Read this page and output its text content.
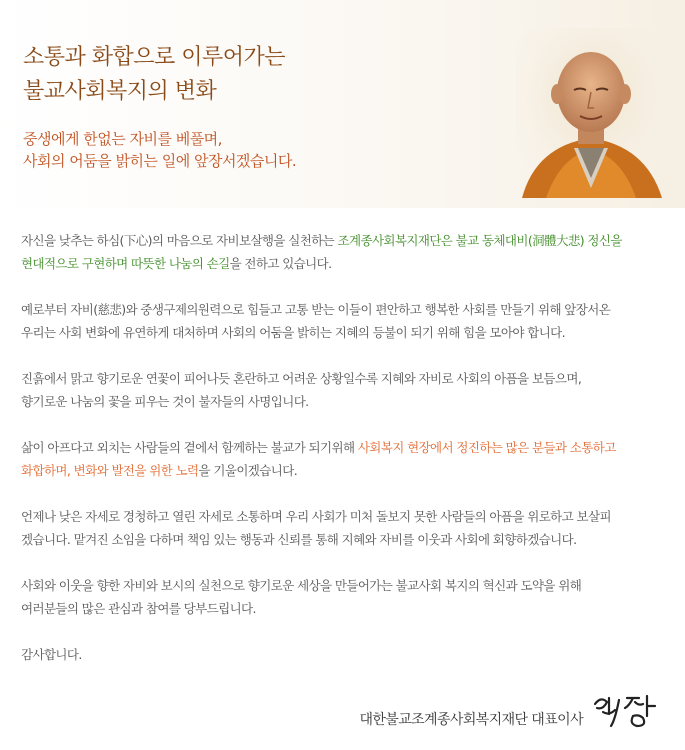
소통과 화합으로 이루어가는
불교사회복지의 변화
중생에게 한없는 자비를 베풀며,
사회의 어둠을 밝히는 일에 앞장서겠습니다.

자신을 낮추는 하심(下心)의 마음으로 자비보살행을 실천하는 조계종사회복지재단은 불교 동체대비(洞體大悲) 정신을
현대적으로 구현하며 따뜻한 나눔의 손길을 전하고 있습니다.

예로부터 자비(慈悲)와 중생구제의원력으로 힘들고 고통 받는 이들이 편안하고 행복한 사회를 만들기 위해 앞장서온
우리는 사회 변화에 유연하게 대처하며 사회의 어둠을 밝히는 지혜의 등불이 되기 위해 힘을 모아야 합니다.

진흙에서 맑고 향기로운 연꽃이 피어나듯 혼란하고 어려운 상황일수록 지혜와 자비로 사회의 아픔을 보듬으며,
향기로운 나눔의 꽃을 피우는 것이 불자들의 사명입니다.

삶이 아프다고 외치는 사람들의 곁에서 함께하는 불교가 되기위해 사회복지 현장에서 정진하는 많은 분들과 소통하고
화합하며, 변화와 발전을 위한 노력을 기울이겠습니다.

언제나 낮은 자세로 경청하고 열린 자세로 소통하며 우리 사회가 미처 돌보지 못한 사람들의 아픔을 위로하고 보살피
겠습니다. 맡겨진 소임을 다하며 책임 있는 행동과 신뢰를 통해 지혜와 자비를 이웃과 사회에 회향하겠습니다.

사회와 이웃을 향한 자비와 보시의 실천으로 향기로운 세상을 만들어가는 불교사회 복지의 혁신과 도약을 위해
여러분들의 많은 관심과 참여를 당부드립니다.

감사합니다.

대한불교조계종사회복지재단 대표이사
